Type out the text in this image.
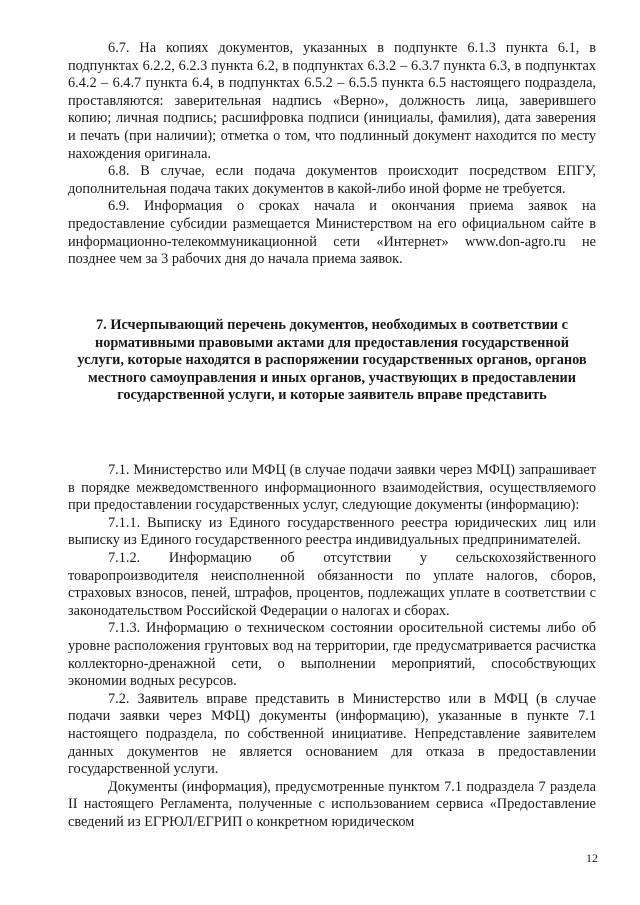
6.7. На копиях документов, указанных в подпункте 6.1.3 пункта 6.1, в подпунктах 6.2.2, 6.2.3 пункта 6.2, в подпунктах 6.3.2 – 6.3.7 пункта 6.3, в подпунктах 6.4.2 – 6.4.7 пункта 6.4, в подпунктах 6.5.2 – 6.5.5 пункта 6.5 настоящего подраздела, проставляются: заверительная надпись «Верно», должность лица, заверившего копию; личная подпись; расшифровка подписи (инициалы, фамилия), дата заверения и печать (при наличии); отметка о том, что подлинный документ находится по месту нахождения оригинала.

6.8. В случае, если подача документов происходит посредством ЕПГУ, дополнительная подача таких документов в какой-либо иной форме не требуется.

6.9. Информация о сроках начала и окончания приема заявок на предоставление субсидии размещается Министерством на его официальном сайте в информационно-телекоммуникационной сети «Интернет» www.don-agro.ru не позднее чем за 3 рабочих дня до начала приема заявок.

7. Исчерпывающий перечень документов, необходимых в соответствии с нормативными правовыми актами для предоставления государственной услуги, которые находятся в распоряжении государственных органов, органов местного самоуправления и иных органов, участвующих в предоставлении государственной услуги, и которые заявитель вправе представить

7.1. Министерство или МФЦ (в случае подачи заявки через МФЦ) запрашивает в порядке межведомственного информационного взаимодействия, осуществляемого при предоставлении государственных услуг, следующие документы (информацию):

7.1.1. Выписку из Единого государственного реестра юридических лиц или выписку из Единого государственного реестра индивидуальных предпринимателей.

7.1.2. Информацию об отсутствии у сельскохозяйственного товаропроизводителя неисполненной обязанности по уплате налогов, сборов, страховых взносов, пеней, штрафов, процентов, подлежащих уплате в соответствии с законодательством Российской Федерации о налогах и сборах.

7.1.3. Информацию о техническом состоянии оросительной системы либо об уровне расположения грунтовых вод на территории, где предусматривается расчистка коллекторно-дренажной сети, о выполнении мероприятий, способствующих экономии водных ресурсов.

7.2. Заявитель вправе представить в Министерство или в МФЦ (в случае подачи заявки через МФЦ) документы (информацию), указанные в пункте 7.1 настоящего подраздела, по собственной инициативе. Непредставление заявителем данных документов не является основанием для отказа в предоставлении государственной услуги.

Документы (информация), предусмотренные пунктом 7.1 подраздела 7 раздела II настоящего Регламента, полученные с использованием сервиса «Предоставление сведений из ЕГРЮЛ/ЕГРИП о конкретном юридическом

12
